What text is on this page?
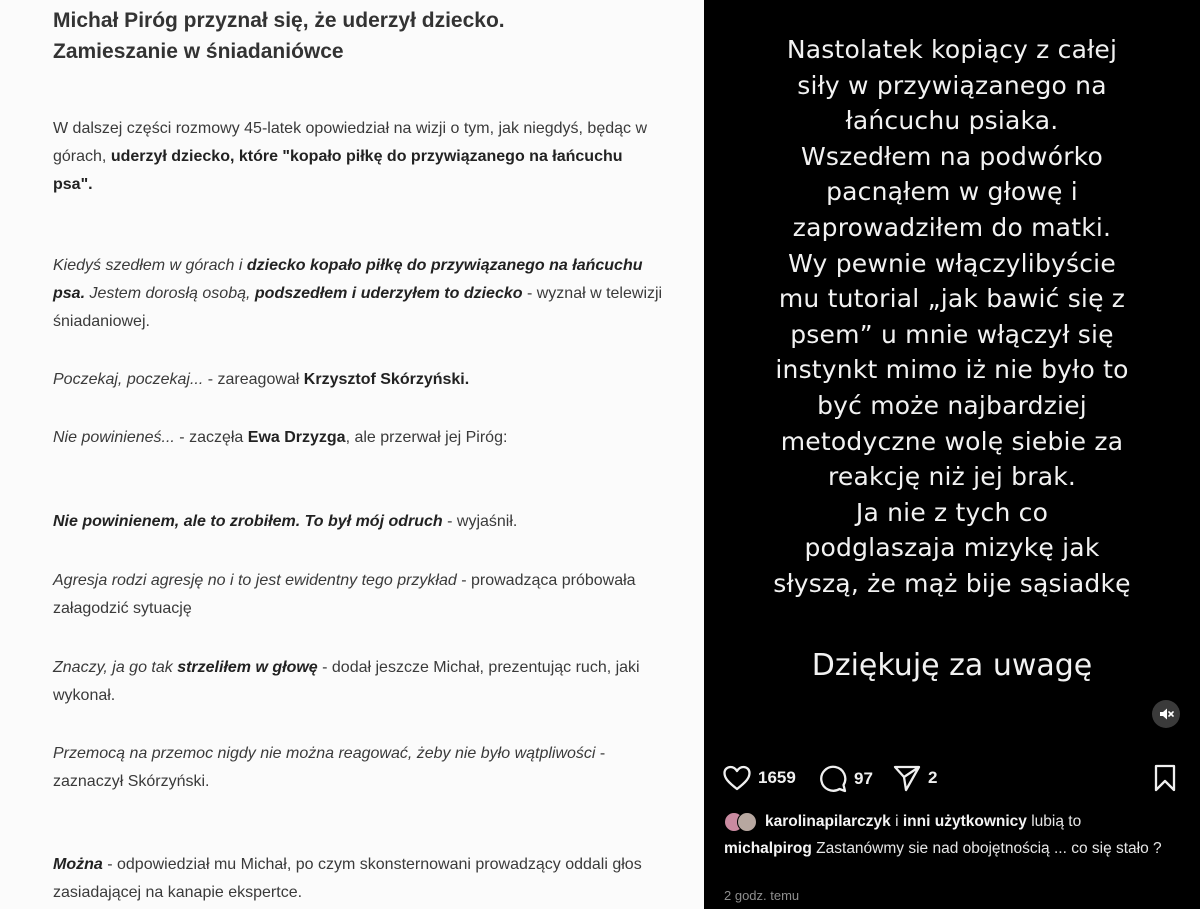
Michał Piróg przyznał się, że uderzył dziecko.
Zamieszanie w śniadaniówce
W dalszej części rozmowy 45-latek opowiedział na wizji o tym, jak niegdyś, będąc w górach, uderzył dziecko, które "kopało piłkę do przywiązanego na łańcuchu psa".
Kiedyś szedłem w górach i dziecko kopało piłkę do przywiązanego na łańcuchu psa. Jestem dorosłą osobą, podszedłem i uderzyłem to dziecko - wyznał w telewizji śniadaniowej.
Poczekaj, poczekaj... - zareagował Krzysztof Skórzyński.
Nie powinieneś... - zaczęła Ewa Drzyzga, ale przerwał jej Piróg:
Nie powinienem, ale to zrobiłem. To był mój odruch - wyjaśnił.
Agresja rodzi agresję no i to jest ewidentny tego przykład - prowadząca próbowała załagodzić sytuację
Znaczy, ja go tak strzeliłem w głowę - dodał jeszcze Michał, prezentując ruch, jaki wykonał.
Przemocą na przemoc nigdy nie można reagować, żeby nie było wątpliwości - zaznaczył Skórzyński.
Można - odpowiedział mu Michał, po czym skonsternowani prowadzący oddali głos zasiadającej na kanapie ekspertce.
Nastolatek kopiący z całej
siły w przywiązanego na
łańcuchu psiaka.
Wszedłem na podwórko
pacnąłem w głowę i
zaprowadziłem do matki.
Wy pewnie włączylibyście
mu tutorial „jak bawić się z
psem” u mnie włączył się
instynkt mimo iż nie było to
być może najbardziej
metodyczne wolę siebie za
reakcję niż jej brak.
Ja nie z tych co
podglaszaja mizykę jak
słyszą, że mąż bije sąsiadkę
Dziękuję za uwagę
1659	97	2
karolinapilarczyk
i
inni użytkownicy
lubią to
michalpirog Zastanówmy sie nad obojętnością ... co się stało ?
2 godz. temu
